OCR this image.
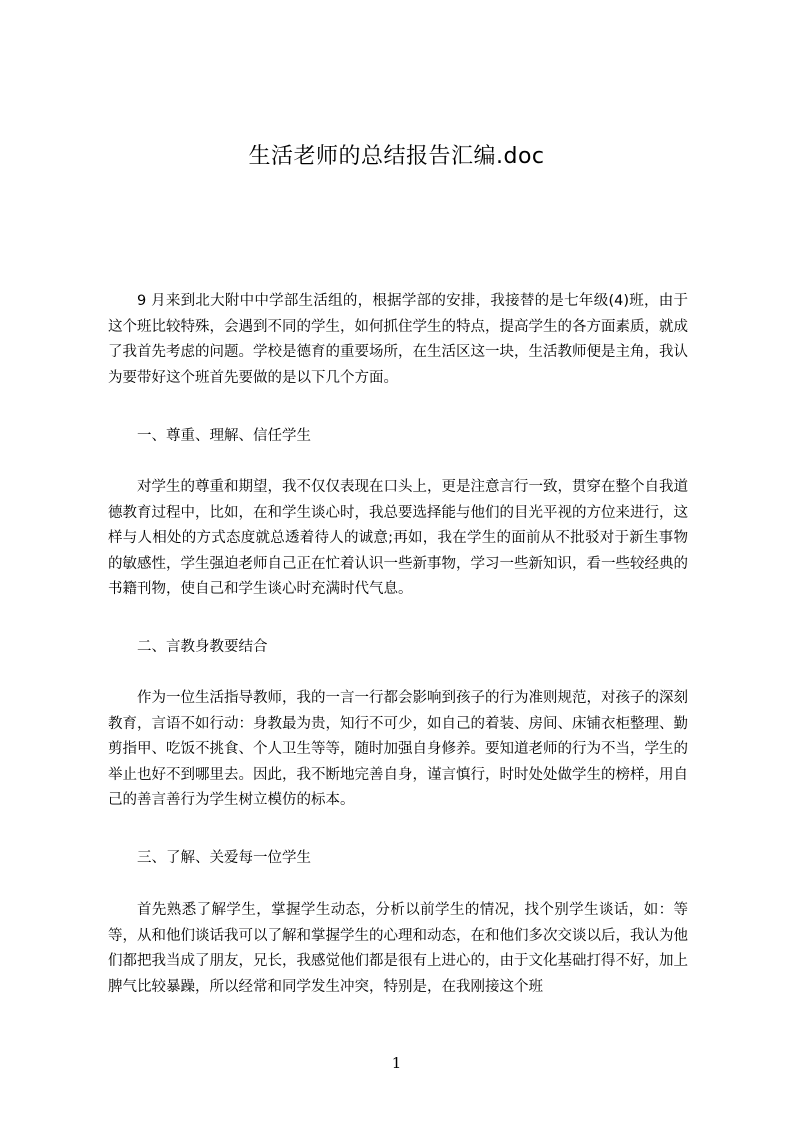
生活老师的总结报告汇编.doc

9 月来到北大附中中学部生活组的，根据学部的安排，我接替的是七年级(4)班，由于这个班比较特殊，会遇到不同的学生，如何抓住学生的特点，提高学生的各方面素质，就成了我首先考虑的问题。学校是德育的重要场所，在生活区这一块，生活教师便是主角，我认为要带好这个班首先要做的是以下几个方面。

一、尊重、理解、信任学生

对学生的尊重和期望，我不仅仅表现在口头上，更是注意言行一致，贯穿在整个自我道德教育过程中，比如，在和学生谈心时，我总要选择能与他们的目光平视的方位来进行，这样与人相处的方式态度就总透着待人的诚意;再如，我在学生的面前从不批驳对于新生事物的敏感性，学生强迫老师自己正在忙着认识一些新事物，学习一些新知识，看一些较经典的书籍刊物，使自己和学生谈心时充满时代气息。

二、言教身教要结合

作为一位生活指导教师，我的一言一行都会影响到孩子的行为准则规范，对孩子的深刻教育，言语不如行动：身教最为贵，知行不可少，如自己的着装、房间、床铺衣柜整理、勤剪指甲、吃饭不挑食、个人卫生等等，随时加强自身修养。要知道老师的行为不当，学生的举止也好不到哪里去。因此，我不断地完善自身，谨言慎行，时时处处做学生的榜样，用自己的善言善行为学生树立模仿的标本。

三、了解、关爱每一位学生

首先熟悉了解学生，掌握学生动态，分析以前学生的情况，找个别学生谈话，如：等等，从和他们谈话我可以了解和掌握学生的心理和动态，在和他们多次交谈以后，我认为他们都把我当成了朋友，兄长，我感觉他们都是很有上进心的，由于文化基础打得不好，加上脾气比较暴躁，所以经常和同学发生冲突，特别是，在我刚接这个班

1
